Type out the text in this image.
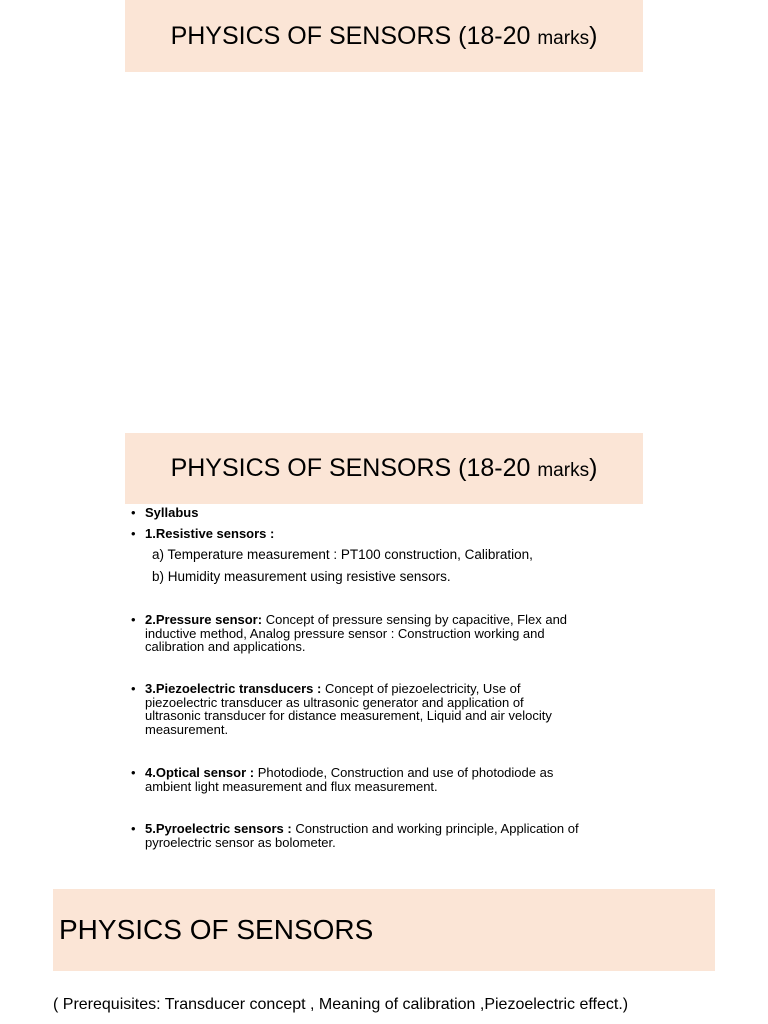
PHYSICS OF SENSORS (18-20 marks)
PHYSICS OF SENSORS (18-20 marks)
• Syllabus
• 1.Resistive sensors :
a) Temperature measurement : PT100 construction, Calibration,
b) Humidity measurement using resistive sensors.
• 2.Pressure sensor: Concept of pressure sensing by capacitive, Flex and
inductive method, Analog pressure sensor : Construction working and
calibration and applications.
• 3.Piezoelectric transducers : Concept of piezoelectricity, Use of
piezoelectric transducer as ultrasonic generator and application of
ultrasonic transducer for distance measurement, Liquid and air velocity
measurement.
• 4.Optical sensor : Photodiode, Construction and use of photodiode as
ambient light measurement and flux measurement.
• 5.Pyroelectric sensors : Construction and working principle, Application of
pyroelectric sensor as bolometer.
PHYSICS OF SENSORS
( Prerequisites: Transducer concept , Meaning of calibration ,Piezoelectric effect.)
